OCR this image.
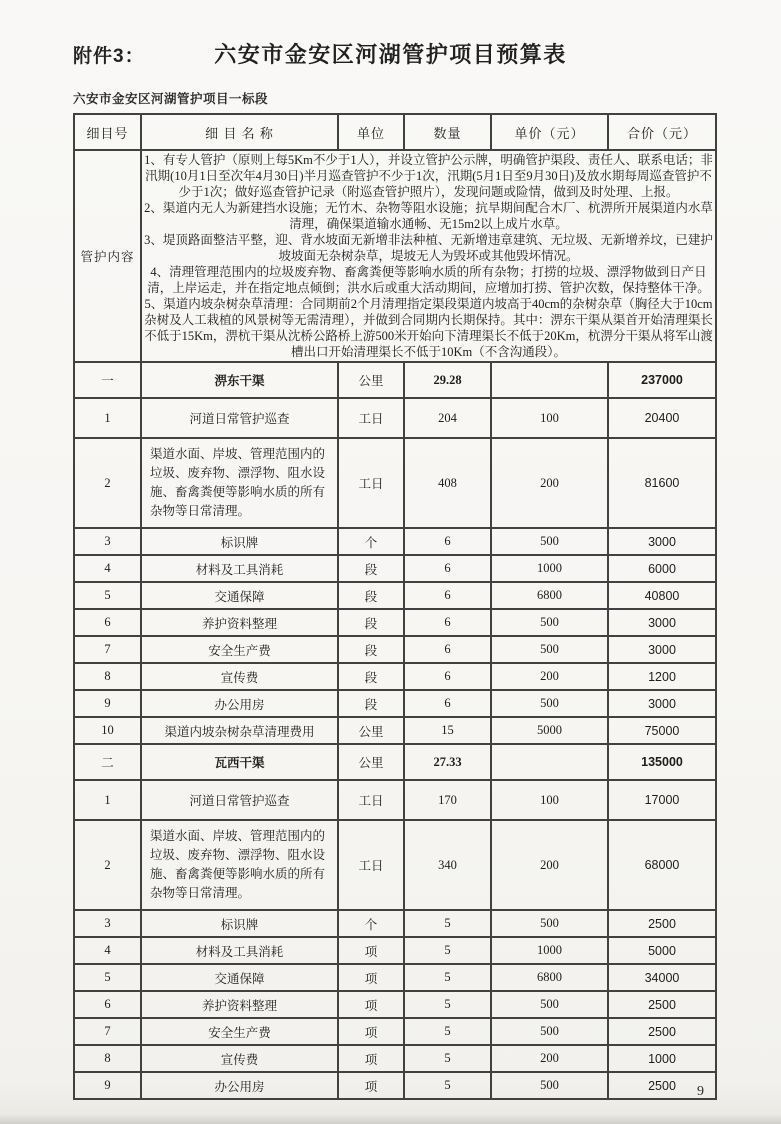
附件3：	六安市金安区河湖管护项目预算表
六安市金安区河湖管护项目一标段
细目号	细 目 名 称	单位	数量	单价（元）	合价（元）
管护内容	1、有专人管护（原则上每5Km不少于1人），并设立管护公示牌，明确管护渠段、责任人、联系电话；非汛期(10月1日至次年4月30日)半月巡查管护不少于1次，汛期(5月1日至9月30日)及放水期每周巡查管护不少于1次；做好巡查管护记录（附巡查管护照片），发现问题或险情，做到及时处理、上报。

2、渠道内无人为新建挡水设施；无竹木、杂物等阻水设施；抗旱期间配合木厂、杭淠所开展渠道内水草清理，确保渠道输水通畅、无15m2以上成片水草。

3、堤顶路面整洁平整，迎、背水坡面无新增非法种植、无新增违章建筑、无垃圾、无新增养坟，已建护坡坡面无杂树杂草，堤坡无人为毁坏或其他毁坏情况。

4、清理管理范围内的垃圾废弃物、畜禽粪便等影响水质的所有杂物；打捞的垃圾、漂浮物做到日产日清，上岸运走，并在指定地点倾倒；洪水后或重大活动期间，应增加打捞、管护次数，保持整体干净。

5、渠道内坡杂树杂草清理：合同期前2个月清理指定渠段渠道内坡高于40cm的杂树杂草（胸径大于10cm杂树及人工栽植的风景树等无需清理），并做到合同期内长期保持。其中：淠东干渠从渠首开始清理渠长不低于15Km，淠杭干渠从沈桥公路桥上游500米开始向下清理渠长不低于20Km，杭淠分干渠从将军山渡槽出口开始清理渠长不低于10Km（不含沟通段）。				

一	淠东干渠	公里	29.28		237000
1	河道日常管护巡查	工日	204	100	20400
2	渠道水面、岸坡、管理范围内的垃圾、废弃物、漂浮物、阻水设施、畜禽粪便等影响水质的所有杂物等日常清理。	工日	408	200	81600
3	标识牌	个	6	500	3000
4	材料及工具消耗	段	6	1000	6000
5	交通保障	段	6	6800	40800
6	养护资料整理	段	6	500	3000
7	安全生产费	段	6	500	3000
8	宣传费	段	6	200	1200
9	办公用房	段	6	500	3000
10	渠道内坡杂树杂草清理费用	公里	15	5000	75000
二	瓦西干渠	公里	27.33		135000
1	河道日常管护巡查	工日	170	100	17000
2	渠道水面、岸坡、管理范围内的垃圾、废弃物、漂浮物、阻水设施、畜禽粪便等影响水质的所有杂物等日常清理。	工日	340	200	68000
3	标识牌	个	5	500	2500
4	材料及工具消耗	项	5	1000	5000
5	交通保障	项	5	6800	34000
6	养护资料整理	项	5	500	2500
7	安全生产费	项	5	500	2500
8	宣传费	项	5	200	1000
9	办公用房	项	5	500	2500 9
